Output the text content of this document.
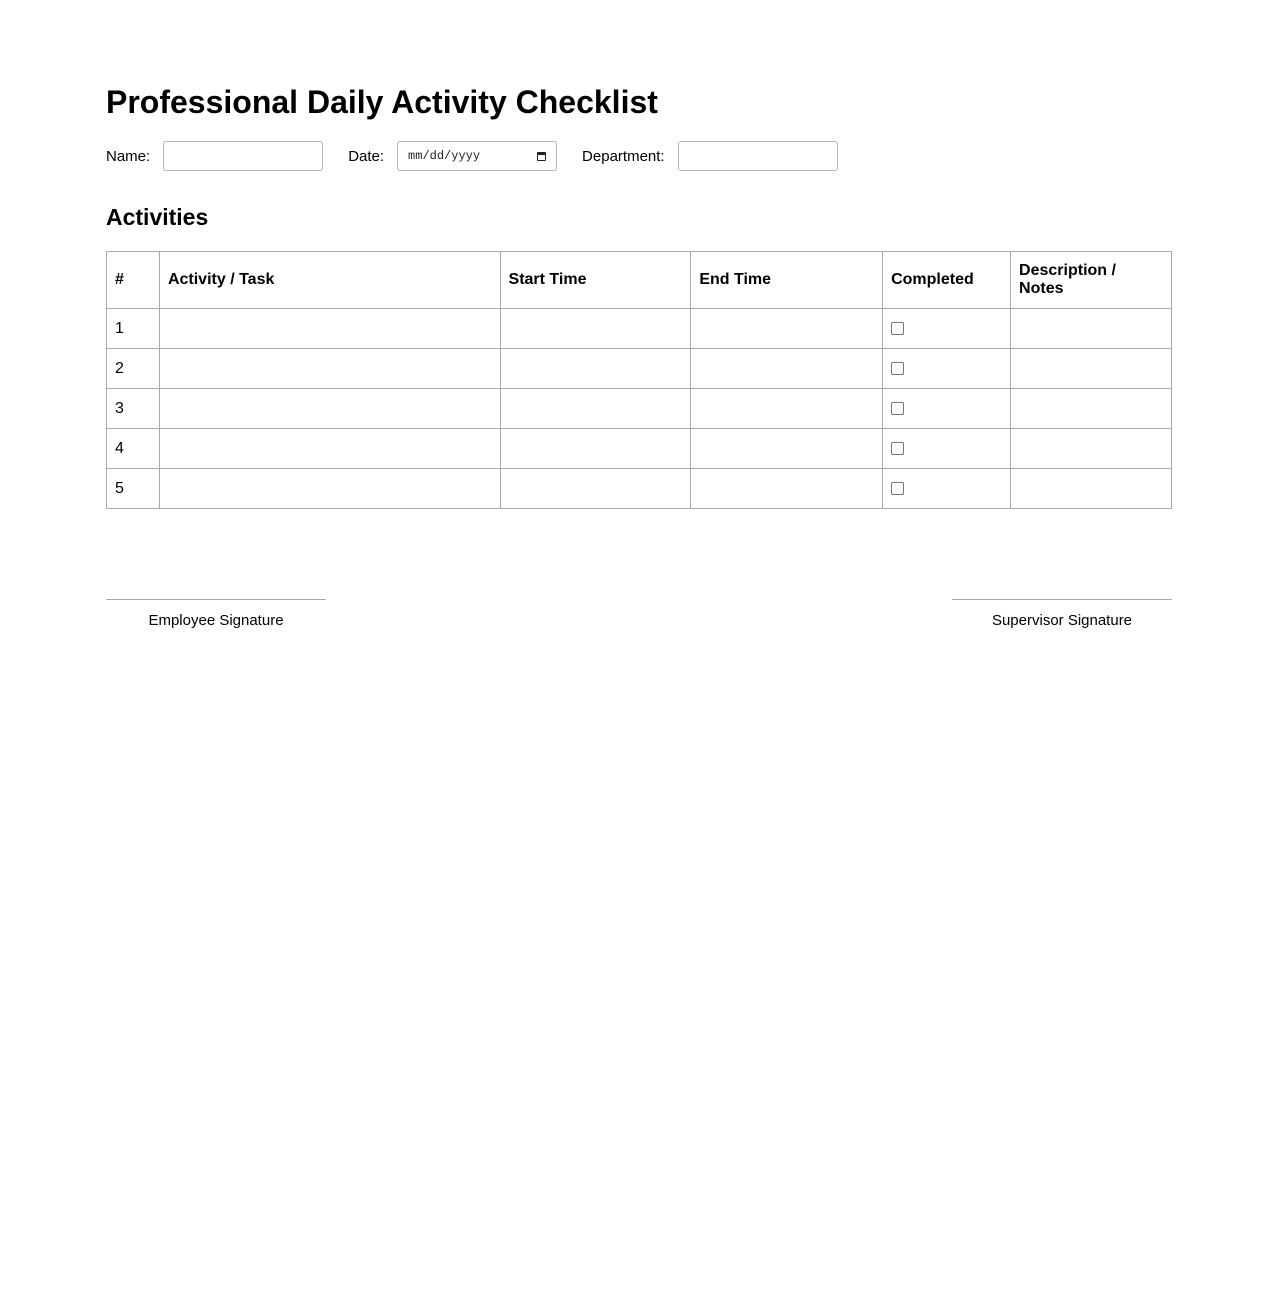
Professional Daily Activity Checklist
Name:	Date: mm/dd/yyyy	Department:
Activities
#	Activity / Task	Start Time	End Time	Completed	Description / Notes
1					
2					
3					
4					
5					
Employee Signature	Supervisor Signature
